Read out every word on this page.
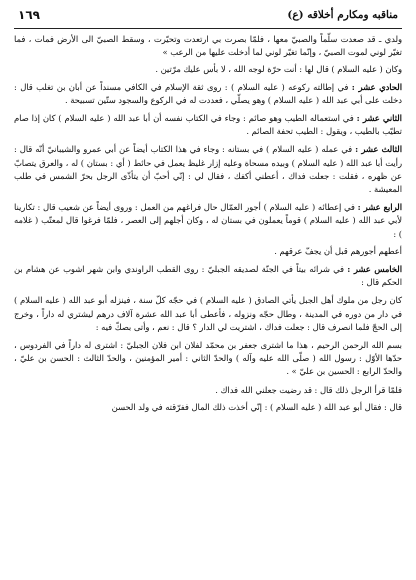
مناقبه ومكارم أخلاقه (ع)
١٦٩

ولدي ـ قد صعدت سلّماً والصبيّ معها ، فلمّا بصرت بي ارتعدت وتحيّرت ، وسقط الصبيّ الى الأرض فمات ، فما تغيّر لوني لموت الصبيّ ، وإنّما تغيّر لوني لما أدخلت عليها من الرعب »

وكان ( عليه السلام ) قال لها : أنت حرّة لوجه الله ، لا بأس عليك مرّتين .

الحادي عشر : في إطالته ركوعه ( عليه السلام ) : روى ثقة الإسلام في الكافي مسنداً عن أبان بن تغلب قال : دخلت على أبي عبد الله ( عليه السلام ) وهو يصلّي ، فعددت له في الركوع والسجود ستّين تسبيحة .

الثاني عشر : في استعماله الطيب وهو صائم : وجاء في الكتاب نفسه أن أبا عبد الله ( عليه السلام ) كان إذا صام تطيّب بالطيب ، ويقول : الطيب تحفة الصائم .

الثالث عشر : في عمله ( عليه السلام ) في بستانه : وجاء في هذا الكتاب أيضاً عن أبي عمرو والشيبانيّ أنّه قال : رأيت أبا عبد الله ( عليه السلام ) وبيده مسحاة وعليه إزار غليظ يعمل في حائط ( أي : بستان ) له ، والعرق يتصابّ عن ظهره ، فقلت : جعلت فداك ، أعطني أكفك ، فقال لي : إنّي أحبّ أن يتأذّى الرجل بحرّ الشمس في طلب المعيشة .

الرابع عشر : في إعطائه ( عليه السلام ) أجور العمّال حال فراغهم من العمل : وروى أيضاً عن شعيب قال : تكارينا لأبي عبد الله ( عليه السلام ) قوماً يعملون في بستان له ، وكان أجلهم إلى العصر ، فلمّا فرغوا قال لمعتّب ( غلامه ) :

أعطهم أجورهم قبل أن يجفّ عرقهم .

الخامس عشر : في شرائه بيتاً في الجنّة لصديقه الجبليّ : روى القطب الراوندي وابن شهر اشوب عن هشام بن الحكم قال :

كان رجل من ملوك أهل الجبل يأتي الصادق ( عليه السلام ) في حجّه كلّ سنة ، فينزله أبو عبد الله ( عليه السلام ) في دار من دوره في المدينة ، وطال حجّه ونزوله ، فأعطى أبا عبد الله عشرة آلاف درهم ليشتري له داراً ، وخرج إلى الحجّ فلما انصرف قال : جعلت فداك ، اشتريت لي الدار ؟ قال : نعم ، وأتى بصكّ فيه :

بسم الله الرحمن الرحيم ، هذا ما اشترى جعفر بن محمّد لفلان ابن فلان الجبليّ : اشترى له داراً في الفردوس ، حدّها الأوّل : رسول الله ( صلّى الله عليه وآله ) والحدّ الثاني : أمير المؤمنين ، والحدّ الثالث : الحسن بن عليّ ، والحدّ الرابع : الحسين بن عليّ » .

فلمّا قرأ الرجل ذلك قال : قد رضيت جعلني الله فداك .

قال : فقال أبو عبد الله ( عليه السلام ) : إنّي أخذت ذلك المال ففرّقته في ولد الحسن
